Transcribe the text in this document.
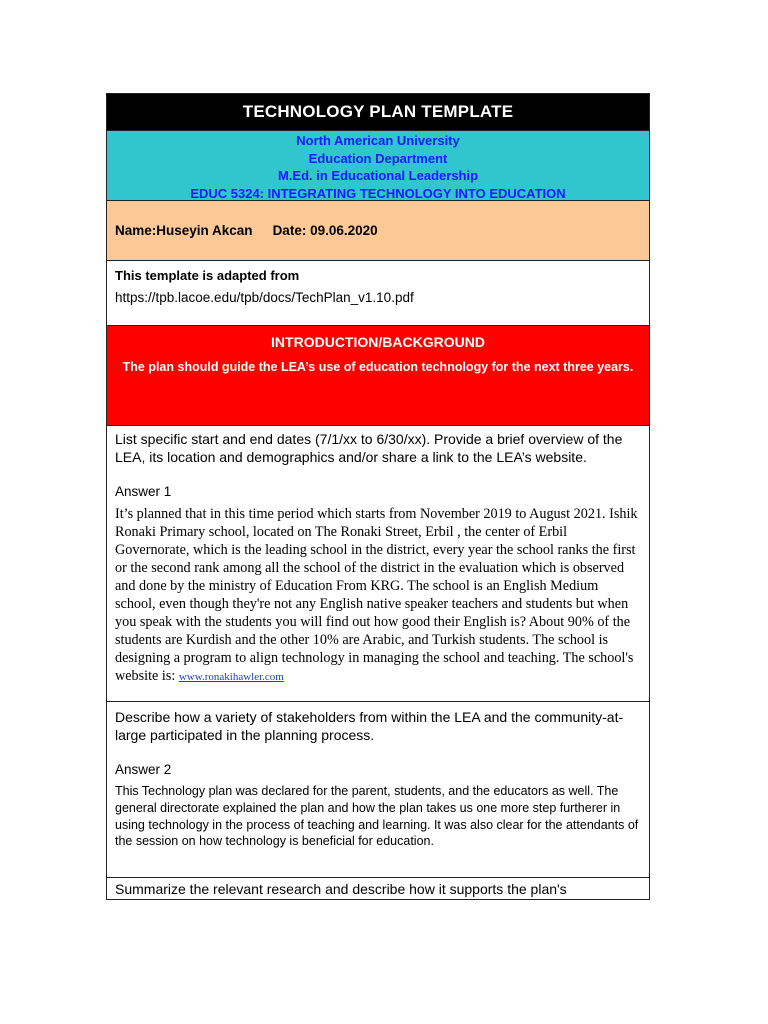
TECHNOLOGY PLAN TEMPLATE
North American University
Education Department
M.Ed. in Educational Leadership
EDUC 5324: INTEGRATING TECHNOLOGY INTO EDUCATION
Name:Huseyin Akcan Date: 09.06.2020
This template is adapted from
https://tpb.lacoe.edu/tpb/docs/TechPlan_v1.10.pdf
INTRODUCTION/BACKGROUND
The plan should guide the LEA’s use of education technology for the next three years.
List specific start and end dates (7/1/xx to 6/30/xx). Provide a brief overview of the LEA, its location and demographics and/or share a link to the LEA’s website.
Answer 1
It’s planned that in this time period which starts from November 2019 to August 2021. Ishik Ronaki Primary school, located on The Ronaki Street, Erbil , the center of Erbil Governorate, which is the leading school in the district, every year the school ranks the first or the second rank among all the school of the district in the evaluation which is observed and done by the ministry of Education From KRG. The school is an English Medium school, even though they're not any English native speaker teachers and students but when you speak with the students you will find out how good their English is? About 90% of the students are Kurdish and the other 10% are Arabic, and Turkish students. The school is designing a program to align technology in managing the school and teaching. The school's website is: www.ronakihawler.com
Describe how a variety of stakeholders from within the LEA and the community-at-large participated in the planning process.
Answer 2
This Technology plan was declared for the parent, students, and the educators as well. The general directorate explained the plan and how the plan takes us one more step furtherer in using technology in the process of teaching and learning. It was also clear for the attendants of the session on how technology is beneficial for education.
Summarize the relevant research and describe how it supports the plan's
